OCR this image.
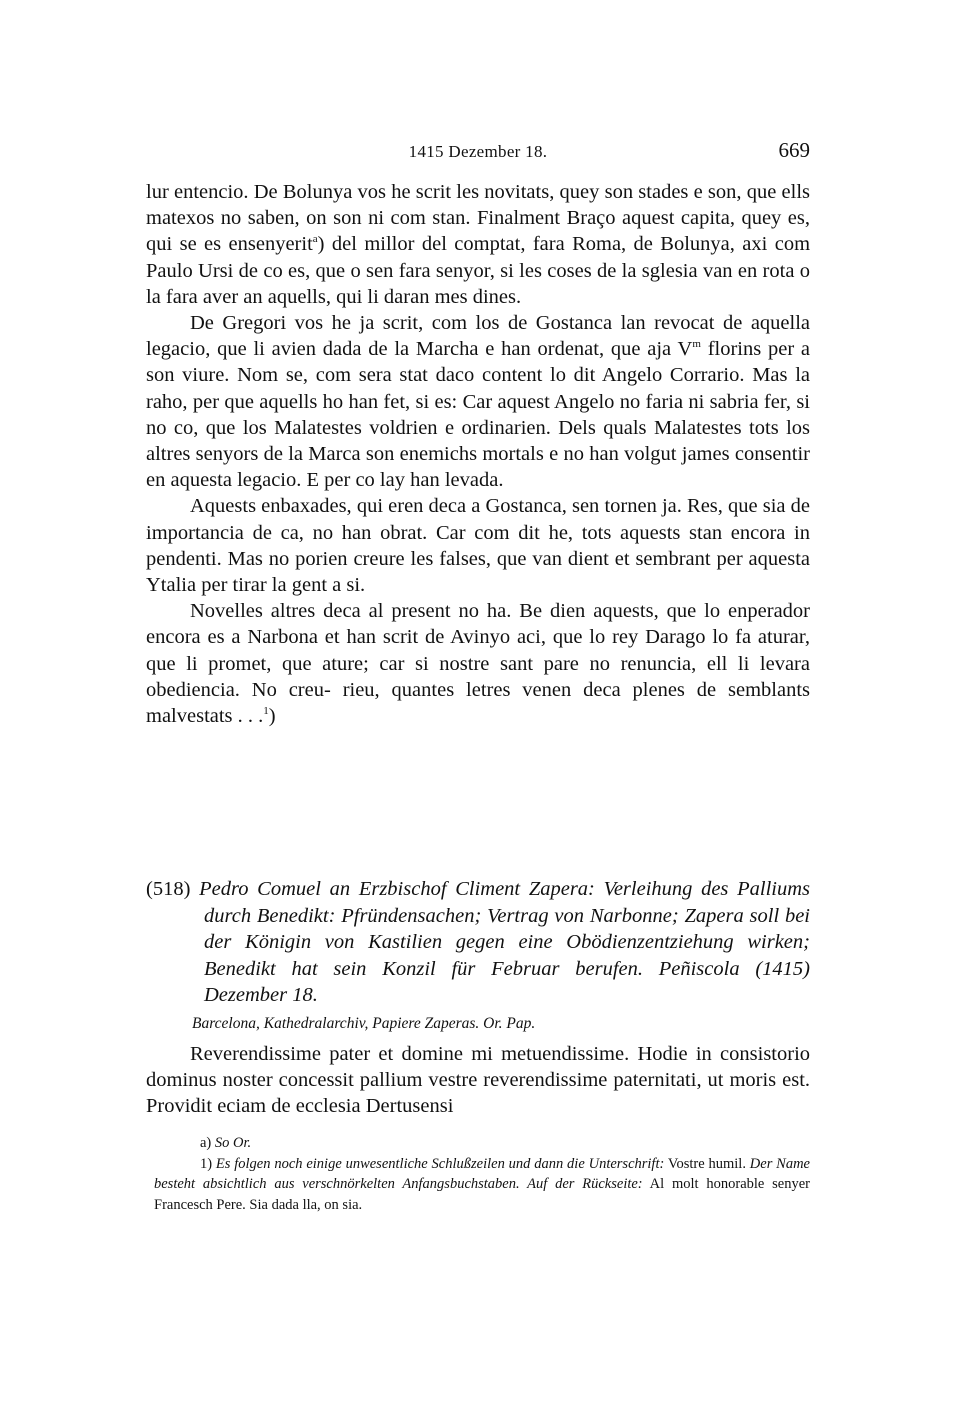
1415 Dezember 18.	669

lur entencio. De Bolunya vos he scrit les novitats, quey son stades e son, que ells matexos no saben, on son ni com stan. Finalment Braço aquest capita, quey es, qui se es ensenyerit$^a$) del millor del comptat, fara Roma, de Bolunya, axi com Paulo Ursi de co es, que o sen fara senyor, si les coses de la sglesia van en rota o la fara aver an aquells, qui li daran mes dines.

De Gregori vos he ja scrit, com los de Gostanca lan revocat de aquella legacio, que li avien dada de la Marcha e han ordenat, que aja $V^m$ florins per a son viure. Nom se, com sera stat daco content lo dit Angelo Corrario. Mas la raho, per que aquells ho han fet, si es: Car aquest Angelo no faria ni sabria fer, si no co, que los Malatestes voldrien e ordinarien. Dels quals Malatestes tots los altres senyors de la Marca son enemichs mortals e no han volgut james consentir en aquesta legacio. E per co lay han levada.

Aquests enbaxades, qui eren deca a Gostanca, sen tornen ja. Res, que sia de importancia de ca, no han obrat. Car com dit he, tots aquests stan encora in pendenti. Mas no porien creure les falses, que van dient et sembrant per aquesta Ytalia per tirar la gent a si.

Novelles altres deca al present no ha. Be dien aquests, que lo enperador encora es a Narbona et han scrit de Avinyo aci, que lo rey Darago lo fa aturar, que li promet, que ature; car si nostre sant pare no renuncia, ell li levara obediencia. No creu- rieu, quantes letres venen deca plenes de semblants malvestats . . .$^1$)

(518) Pedro Comuel an Erzbischof Climent Zapera: Verleihung des Palliums durch Benedikt: Pfründensachen; Vertrag von Narbonne; Zapera soll bei der Königin von Kastilien gegen eine Obödienzentziehung wirken; Benedikt hat sein Konzil für Februar berufen. Peñiscola (1415) Dezember 18.

Barcelona, Kathedralarchiv, Papiere Zaperas. Or. Pap.

Reverendissime pater et domine mi metuendissime. Hodie in consistorio dominus noster concessit pallium vestre reverendissime paternitati, ut moris est. Providit eciam de ecclesia Dertusensi

a) So Or.

1) Es folgen noch einige unwesentliche Schlußzeilen und dann die Unterschrift: Vostre humil. Der Name besteht absichtlich aus verschnörkelten Anfangsbuchstaben. Auf der Rückseite: Al molt honorable senyer Francesch Pere. Sia dada lla, on sia.
